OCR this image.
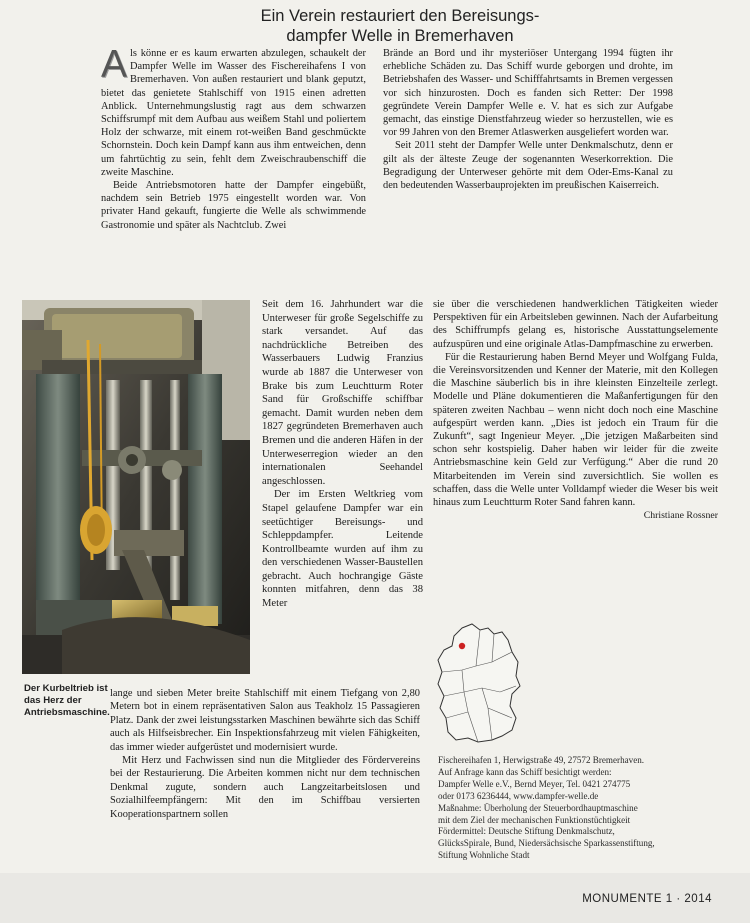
Ein Verein restauriert den Bereisungs-
dampfer Welle in Bremerhaven

Als könne er es kaum erwarten abzulegen, schaukelt der Dampfer Welle im Wasser des Fischereihafens I von Bremerhaven. Von außen restauriert und blank geputzt, bietet das genietete Stahlschiff von 1915 einen adretten Anblick. Unternehmungslustig ragt aus dem schwarzen Schiffsrumpf mit dem Aufbau aus weißem Stahl und poliertem Holz der schwarze, mit einem rot-weißen Band geschmückte Schornstein. Doch kein Dampf kann aus ihm entweichen, denn um fahrtüchtig zu sein, fehlt dem Zweischraubenschiff die zweite Maschine.

Beide Antriebsmotoren hatte der Dampfer eingebüßt, nachdem sein Betrieb 1975 eingestellt worden war. Von privater Hand gekauft, fungierte die Welle als schwimmende Gastronomie und später als Nachtclub. Zwei

Brände an Bord und ihr mysteriöser Untergang 1994 fügten ihr erhebliche Schäden zu. Das Schiff wurde geborgen und drohte, im Betriebshafen des Wasser- und Schifffahrtsamts in Bremen vergessen vor sich hinzurosten. Doch es fanden sich Retter: Der 1998 gegründete Verein Dampfer Welle e. V. hat es sich zur Aufgabe gemacht, das einstige Dienstfahrzeug wieder so herzustellen, wie es vor 99 Jahren von den Bremer Atlaswerken ausgeliefert worden war.

Seit 2011 steht der Dampfer Welle unter Denkmalschutz, denn er gilt als der älteste Zeuge der sogenannten Weserkorrektion. Die Begradigung der Unterweser gehörte mit dem Oder-Ems-Kanal zu den bedeutenden Wasserbauprojekten im preußischen Kaiserreich.

Der Kurbeltrieb ist das Herz der Antriebsmaschine.

Seit dem 16. Jahrhundert war die Unterweser für große Segelschiffe zu stark versandet. Auf das nachdrückliche Betreiben des Wasserbauers Ludwig Franzius wurde ab 1887 die Unterweser von Brake bis zum Leuchtturm Roter Sand für Großschiffe schiffbar gemacht. Damit wurden neben dem 1827 gegründeten Bremerhaven auch Bremen und die anderen Häfen in der Unterweserregion wieder an den internationalen Seehandel angeschlossen.

Der im Ersten Weltkrieg vom Stapel gelaufene Dampfer war ein seetüchtiger Bereisungs- und Schleppdampfer. Leitende Kontrollbeamte wurden auf ihm zu den verschiedenen Wasser-Baustellen gebracht. Auch hochrangige Gäste konnten mitfahren, denn das 38 Meter

lange und sieben Meter breite Stahlschiff mit einem Tiefgang von 2,80 Metern bot in einem repräsentativen Salon aus Teakholz 15 Passagieren Platz. Dank der zwei leistungsstarken Maschinen bewährte sich das Schiff auch als Hilfseisbrecher. Ein Inspektionsfahrzeug mit vielen Fähigkeiten, das immer wieder aufgerüstet und modernisiert wurde.

Mit Herz und Fachwissen sind nun die Mitglieder des Fördervereins bei der Restaurierung. Die Arbeiten kommen nicht nur dem technischen Denkmal zugute, sondern auch Langzeitarbeitslosen und Sozialhilfeempfängern: Mit den im Schiffbau versierten Kooperationspartnern sollen

sie über die verschiedenen handwerklichen Tätigkeiten wieder Perspektiven für ein Arbeitsleben gewinnen. Nach der Aufarbeitung des Schiffrumpfs gelang es, historische Ausstattungselemente aufzuspüren und eine originale Atlas-Dampfmaschine zu erwerben.

Für die Restaurierung haben Bernd Meyer und Wolfgang Fulda, die Vereinsvorsitzenden und Kenner der Materie, mit den Kollegen die Maschine säuberlich bis in ihre kleinsten Einzelteile zerlegt. Modelle und Pläne dokumentieren die Maßanfertigungen für den späteren zweiten Nachbau – wenn nicht doch noch eine Maschine aufgespürt werden kann. „Dies ist jedoch ein Traum für die Zukunft“, sagt Ingenieur Meyer. „Die jetzigen Maßarbeiten sind schon sehr kostspielig. Daher haben wir leider für die zweite Antriebsmaschine kein Geld zur Verfügung.“ Aber die rund 20 Mitarbeitenden im Verein sind zuversichtlich. Sie wollen es schaffen, dass die Welle unter Volldampf wieder die Weser bis weit hinaus zum Leuchtturm Roter Sand fahren kann.
Christiane Rossner

Fischereihafen 1, Herwigstraße 49, 27572 Bremerhaven.

Auf Anfrage kann das Schiff besichtigt werden:

Dampfer Welle e.V., Bernd Meyer, Tel. 0421 274775

oder 0173 6236444, www.dampfer-welle.de

Maßnahme: Überholung der Steuerbordhauptmaschine

mit dem Ziel der mechanischen Funktionstüchtigkeit

Fördermittel: Deutsche Stiftung Denkmalschutz,

GlücksSpirale, Bund, Niedersächsische Sparkassenstiftung,

Stiftung Wohnliche Stadt

MONUMENTE 1 · 2014
